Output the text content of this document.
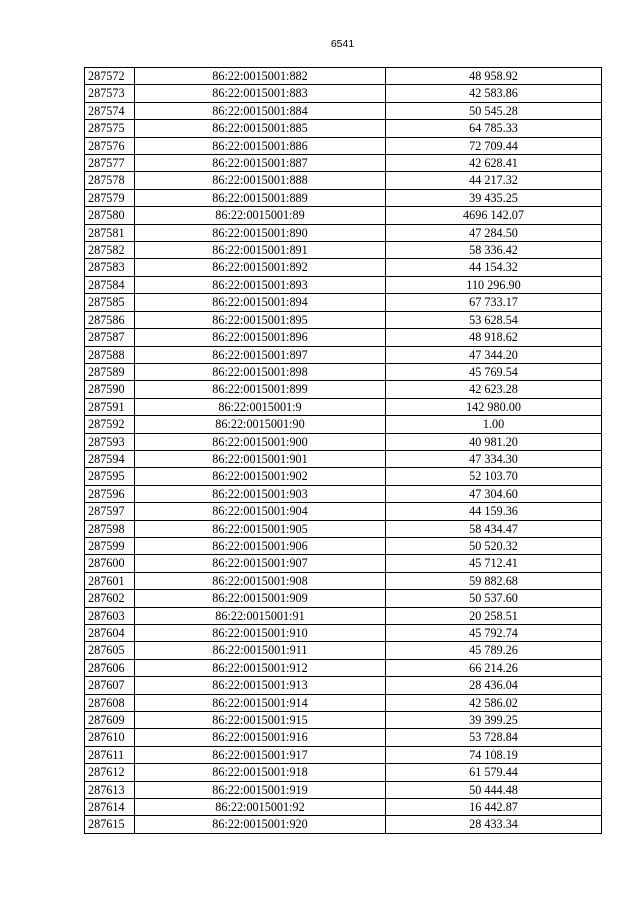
6541
287572	86:22:0015001:882	48 958.92
287573	86:22:0015001:883	42 583.86
287574	86:22:0015001:884	50 545.28
287575	86:22:0015001:885	64 785.33
287576	86:22:0015001:886	72 709.44
287577	86:22:0015001:887	42 628.41
287578	86:22:0015001:888	44 217.32
287579	86:22:0015001:889	39 435.25
287580	86:22:0015001:89	4696 142.07
287581	86:22:0015001:890	47 284.50
287582	86:22:0015001:891	58 336.42
287583	86:22:0015001:892	44 154.32
287584	86:22:0015001:893	110 296.90
287585	86:22:0015001:894	67 733.17
287586	86:22:0015001:895	53 628.54
287587	86:22:0015001:896	48 918.62
287588	86:22:0015001:897	47 344.20
287589	86:22:0015001:898	45 769.54
287590	86:22:0015001:899	42 623.28
287591	86:22:0015001:9	142 980.00
287592	86:22:0015001:90	1.00
287593	86:22:0015001:900	40 981.20
287594	86:22:0015001:901	47 334.30
287595	86:22:0015001:902	52 103.70
287596	86:22:0015001:903	47 304.60
287597	86:22:0015001:904	44 159.36
287598	86:22:0015001:905	58 434.47
287599	86:22:0015001:906	50 520.32
287600	86:22:0015001:907	45 712.41
287601	86:22:0015001:908	59 882.68
287602	86:22:0015001:909	50 537.60
287603	86:22:0015001:91	20 258.51
287604	86:22:0015001:910	45 792.74
287605	86:22:0015001:911	45 789.26
287606	86:22:0015001:912	66 214.26
287607	86:22:0015001:913	28 436.04
287608	86:22:0015001:914	42 586.02
287609	86:22:0015001:915	39 399.25
287610	86:22:0015001:916	53 728.84
287611	86:22:0015001:917	74 108.19
287612	86:22:0015001:918	61 579.44
287613	86:22:0015001:919	50 444.48
287614	86:22:0015001:92	16 442.87
287615	86:22:0015001:920	28 433.34
